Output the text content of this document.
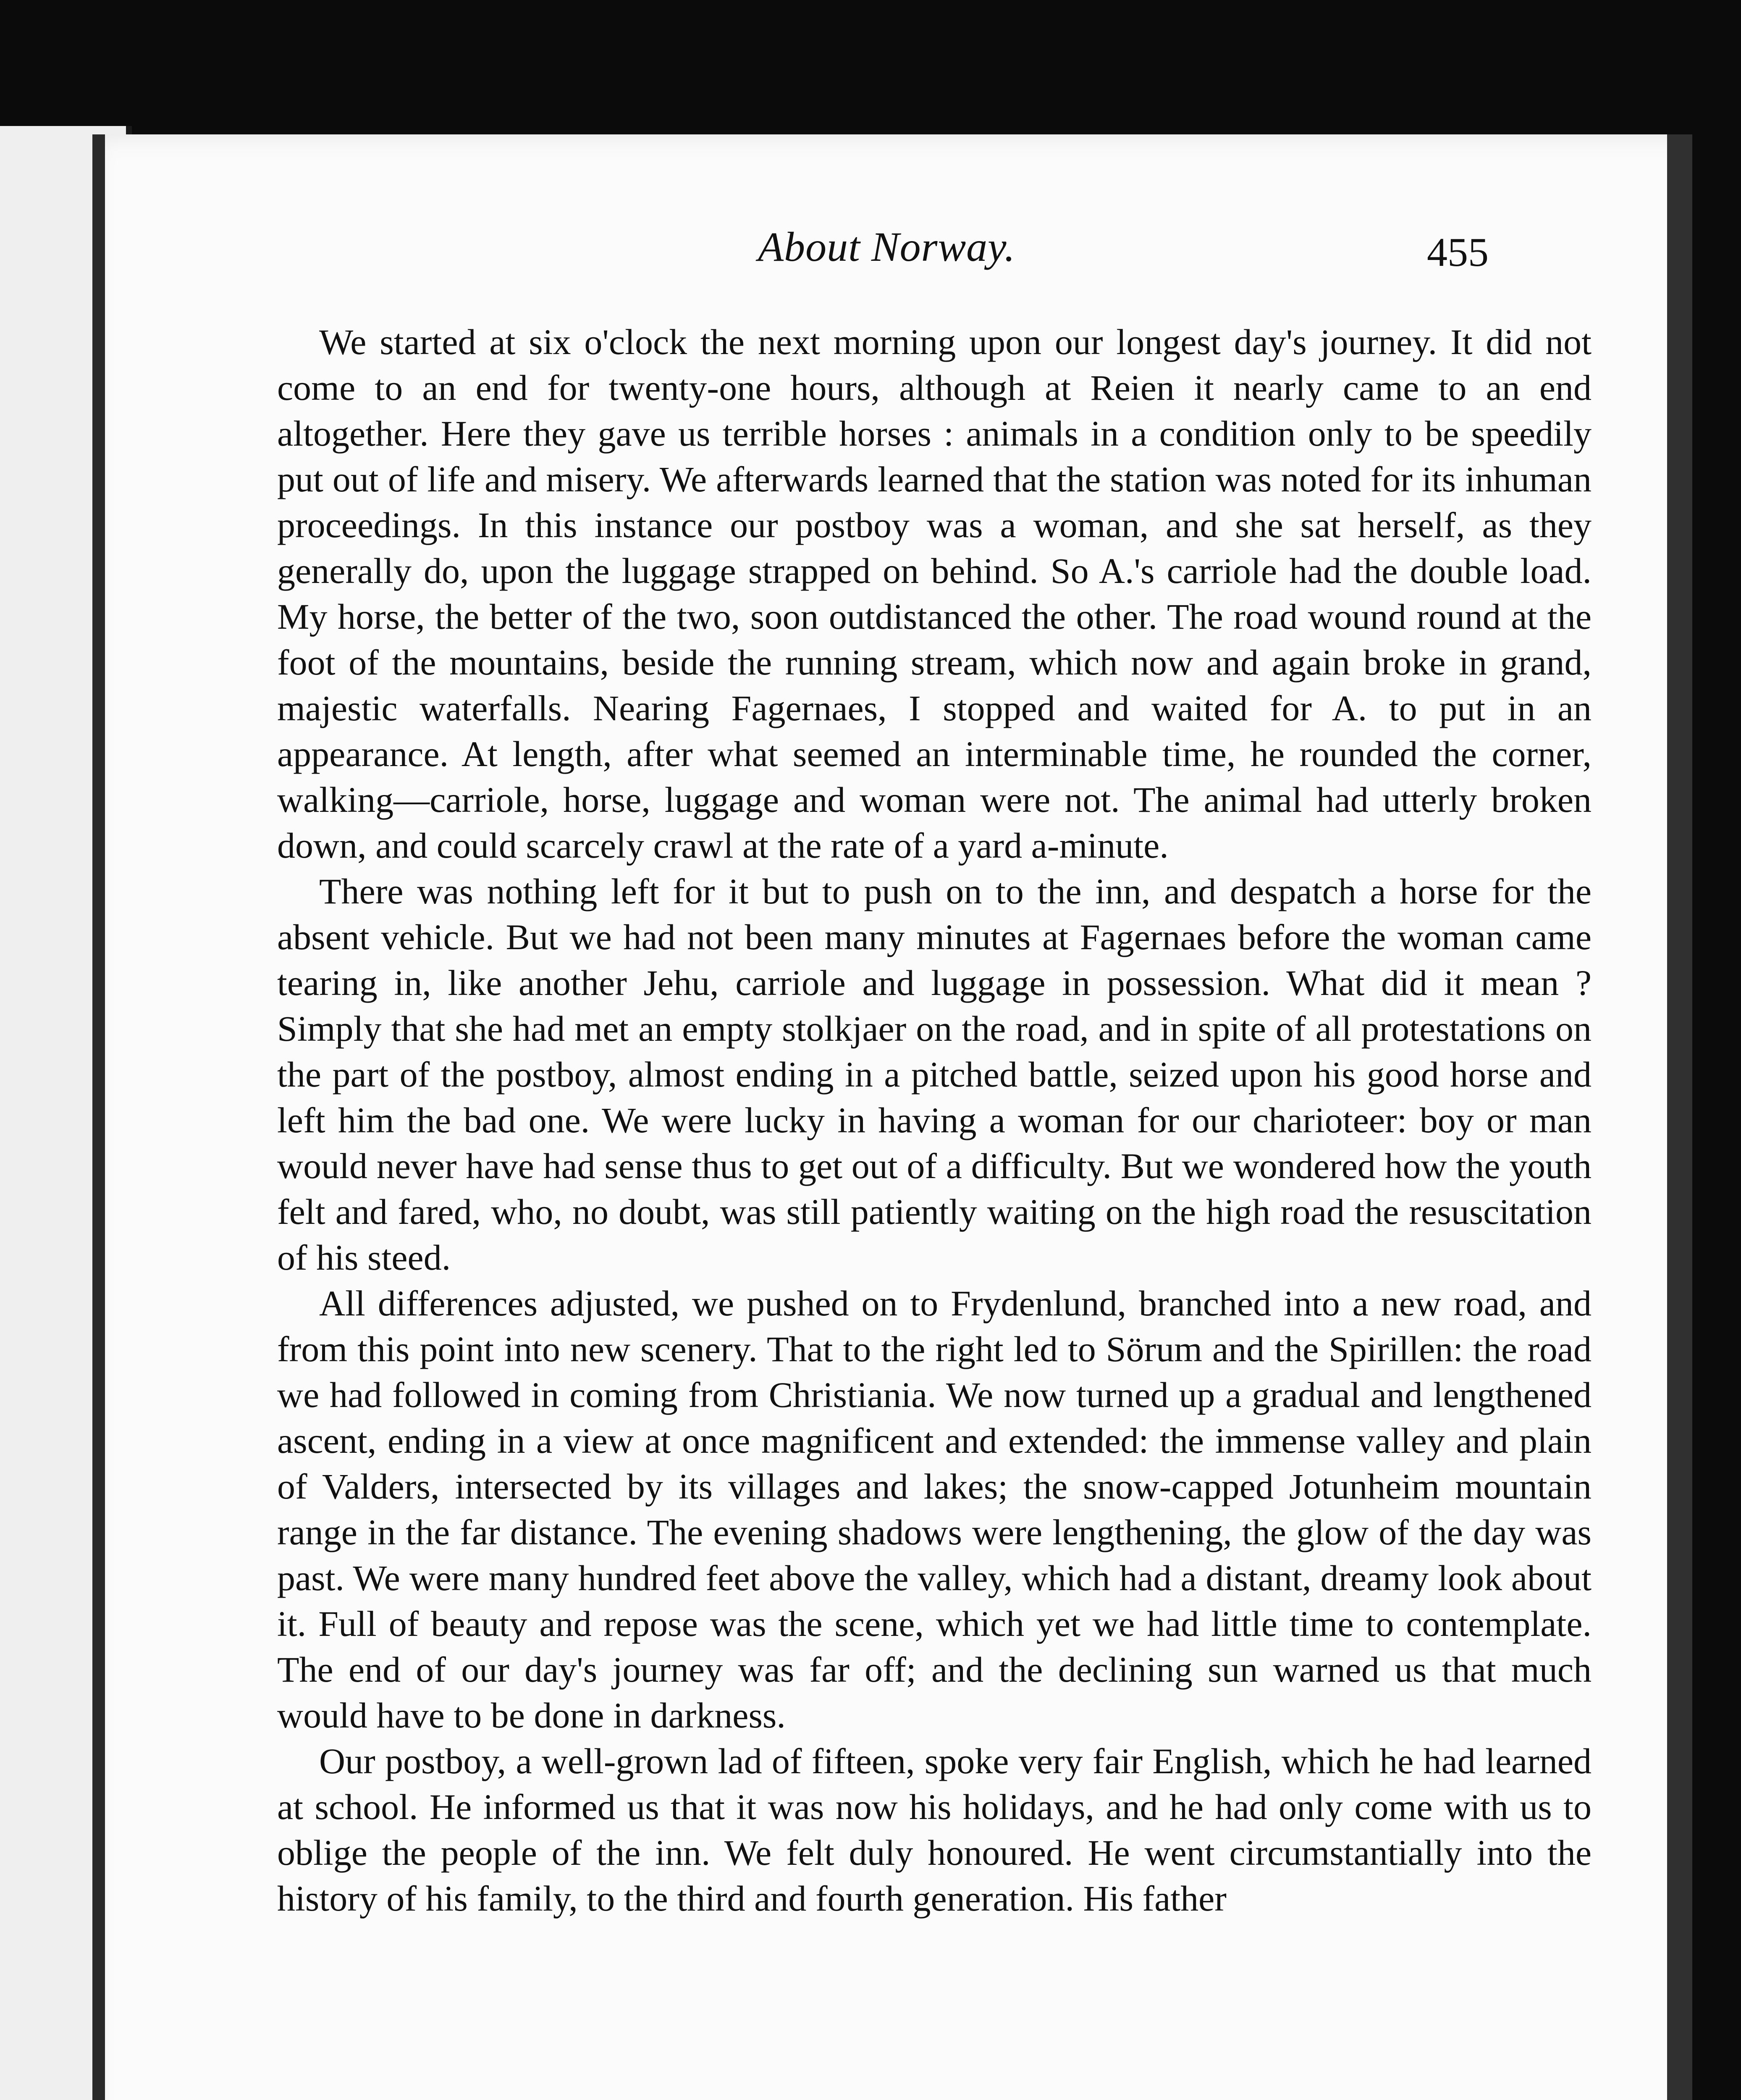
About Norway.	455

We started at six o'clock the next morning upon our longest day's journey. It did not come to an end for twenty-one hours, although at Reien it nearly came to an end altogether. Here they gave us terrible horses : animals in a condition only to be speedily put out of life and misery. We afterwards learned that the station was noted for its inhuman proceedings. In this instance our postboy was a woman, and she sat herself, as they generally do, upon the luggage strapped on behind. So A.'s carriole had the double load. My horse, the better of the two, soon outdistanced the other. The road wound round at the foot of the mountains, beside the running stream, which now and again broke in grand, majestic waterfalls. Nearing Fagernaes, I stopped and waited for A. to put in an appearance. At length, after what seemed an interminable time, he rounded the corner, walking—carriole, horse, luggage and woman were not. The animal had utterly broken down, and could scarcely crawl at the rate of a yard a-minute.

There was nothing left for it but to push on to the inn, and despatch a horse for the absent vehicle. But we had not been many minutes at Fagernaes before the woman came tearing in, like another Jehu, carriole and luggage in possession. What did it mean ? Simply that she had met an empty stolkjaer on the road, and in spite of all protestations on the part of the postboy, almost ending in a pitched battle, seized upon his good horse and left him the bad one. We were lucky in having a woman for our charioteer: boy or man would never have had sense thus to get out of a difficulty. But we wondered how the youth felt and fared, who, no doubt, was still patiently waiting on the high road the resuscitation of his steed.

All differences adjusted, we pushed on to Frydenlund, branched into a new road, and from this point into new scenery. That to the right led to Sörum and the Spirillen: the road we had followed in coming from Christiania. We now turned up a gradual and lengthened ascent, ending in a view at once magnificent and extended: the immense valley and plain of Valders, intersected by its villages and lakes; the snow-capped Jotunheim mountain range in the far distance. The evening shadows were lengthening, the glow of the day was past. We were many hundred feet above the valley, which had a distant, dreamy look about it. Full of beauty and repose was the scene, which yet we had little time to contemplate. The end of our day's journey was far off; and the declining sun warned us that much would have to be done in darkness.

Our postboy, a well-grown lad of fifteen, spoke very fair English, which he had learned at school. He informed us that it was now his holidays, and he had only come with us to oblige the people of the inn. We felt duly honoured. He went circumstantially into the history of his family, to the third and fourth generation. His father
